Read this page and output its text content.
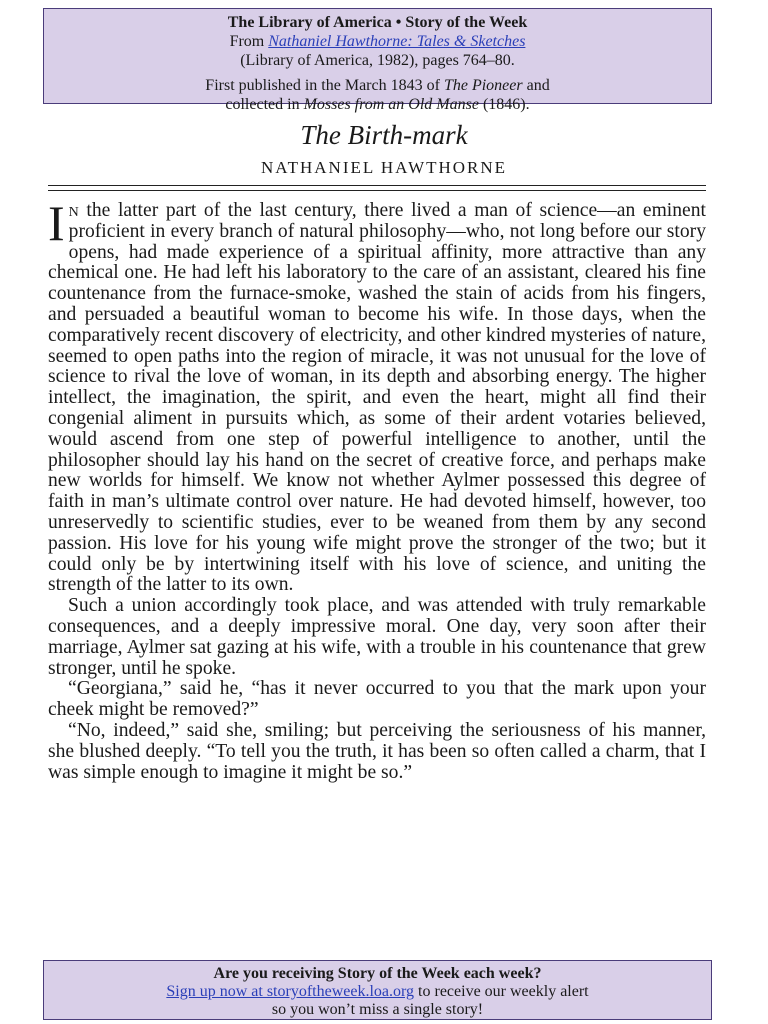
The Library of America • Story of the Week
From Nathaniel Hawthorne: Tales & Sketches
(Library of America, 1982), pages 764–80.
First published in the March 1843 of The Pioneer and
collected in Mosses from an Old Manse (1846).
The Birth-mark
NATHANIEL HAWTHORNE

In the latter part of the last century, there lived a man of science—an eminent proficient in every branch of natural philosophy—who, not long before our story opens, had made experience of a spiritual affinity, more attractive than any chemical one. He had left his laboratory to the care of an assistant, cleared his fine countenance from the furnace-smoke, washed the stain of acids from his fingers, and persuaded a beautiful woman to become his wife. In those days, when the comparatively recent discovery of electricity, and other kindred mysteries of nature, seemed to open paths into the region of miracle, it was not unusual for the love of science to rival the love of woman, in its depth and absorbing energy. The higher intellect, the imagination, the spirit, and even the heart, might all find their congenial aliment in pursuits which, as some of their ardent votaries believed, would ascend from one step of powerful intelligence to another, until the philosopher should lay his hand on the secret of creative force, and perhaps make new worlds for himself. We know not whether Aylmer possessed this degree of faith in man’s ultimate control over nature. He had devoted himself, however, too unreservedly to scientific studies, ever to be weaned from them by any second passion. His love for his young wife might prove the stronger of the two; but it could only be by intertwining itself with his love of science, and uniting the strength of the latter to its own.

Such a union accordingly took place, and was attended with truly remarkable consequences, and a deeply impressive moral. One day, very soon after their marriage, Aylmer sat gazing at his wife, with a trouble in his countenance that grew stronger, until he spoke.

“Georgiana,” said he, “has it never occurred to you that the mark upon your cheek might be removed?”

“No, indeed,” said she, smiling; but perceiving the seriousness of his manner, she blushed deeply. “To tell you the truth, it has been so often called a charm, that I was simple enough to imagine it might be so.”

Are you receiving Story of the Week each week?
Sign up now at storyoftheweek.loa.org to receive our weekly alert
so you won’t miss a single story!
